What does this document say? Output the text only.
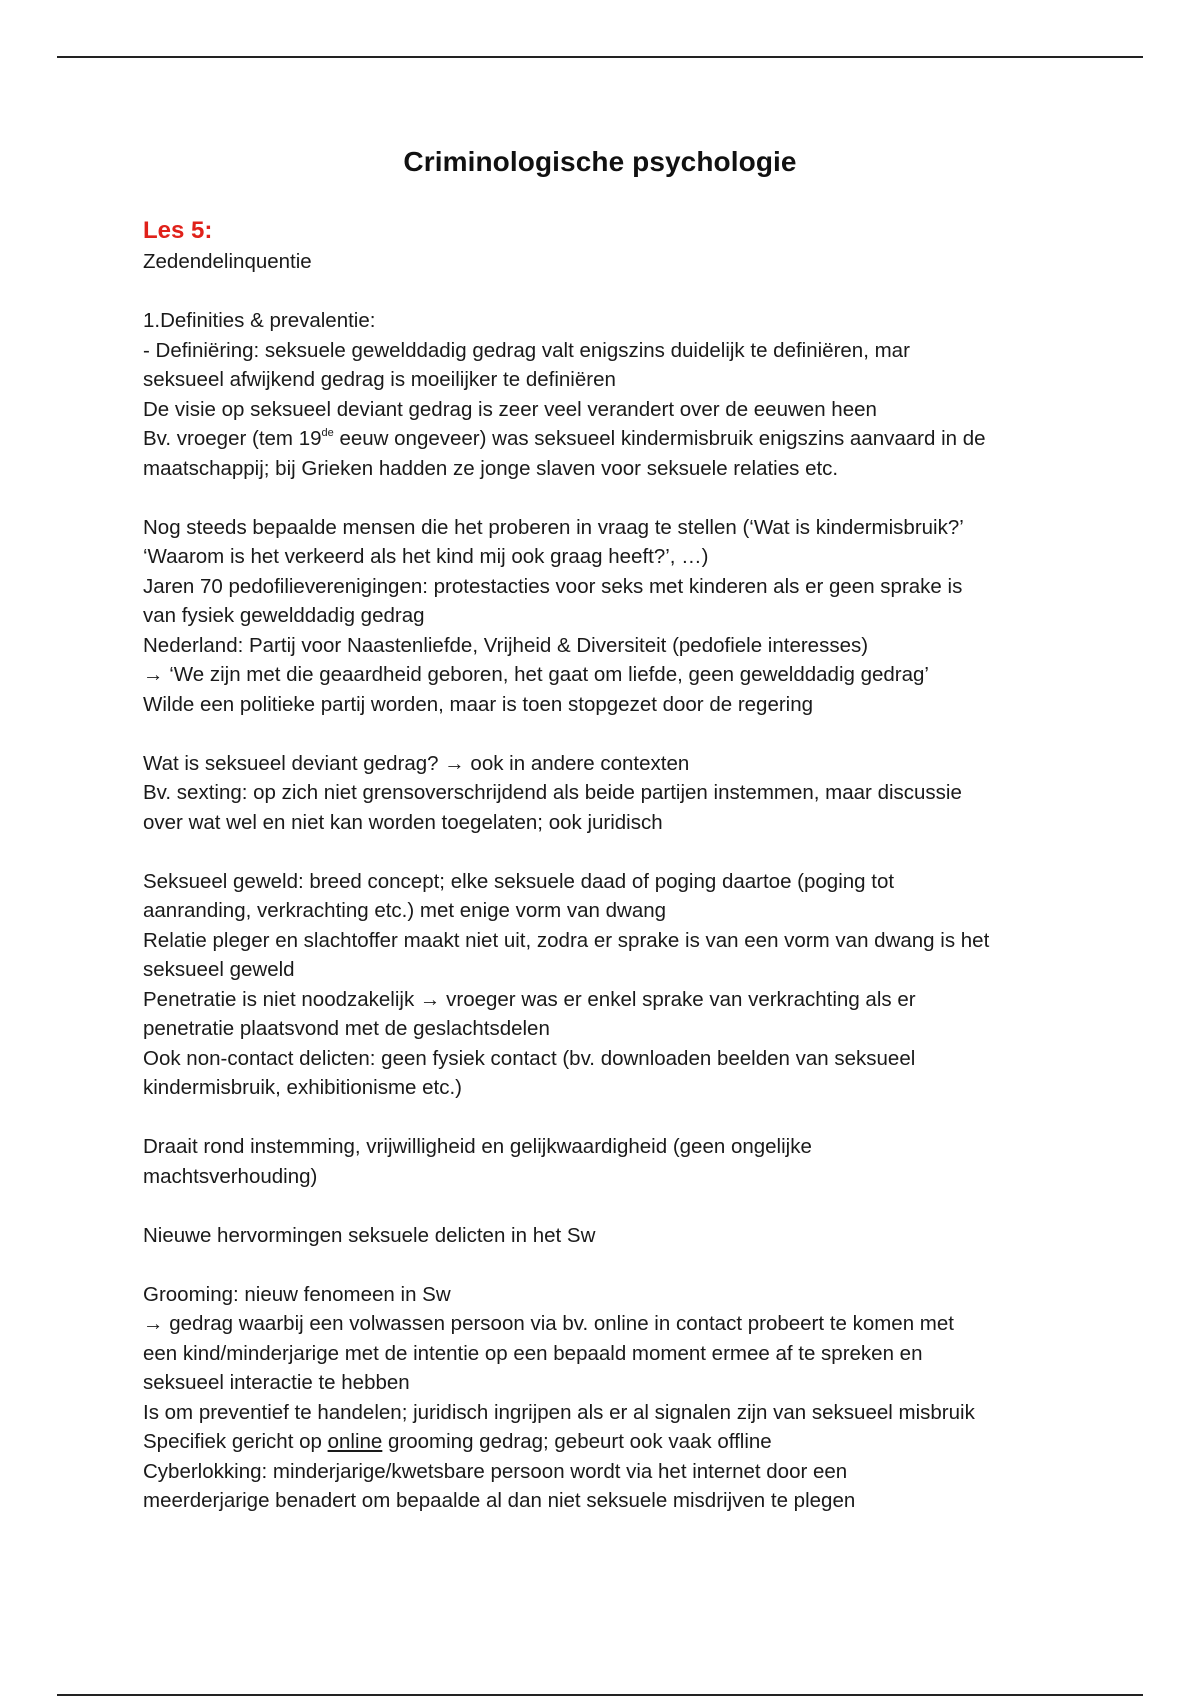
Criminologische psychologie
Les 5:
Zedendelinquentie
1.Definities & prevalentie:
- Definiëring: seksuele gewelddadig gedrag valt enigszins duidelijk te definiëren, mar
seksueel afwijkend gedrag is moeilijker te definiëren
De visie op seksueel deviant gedrag is zeer veel verandert over de eeuwen heen
Bv. vroeger (tem 19de eeuw ongeveer) was seksueel kindermisbruik enigszins aanvaard in de
maatschappij; bij Grieken hadden ze jonge slaven voor seksuele relaties etc.
Nog steeds bepaalde mensen die het proberen in vraag te stellen (‘Wat is kindermisbruik?’
‘Waarom is het verkeerd als het kind mij ook graag heeft?’, …)
Jaren 70 pedofilieverenigingen: protestacties voor seks met kinderen als er geen sprake is
van fysiek gewelddadig gedrag
Nederland: Partij voor Naastenliefde, Vrijheid & Diversiteit (pedofiele interesses)
→ ‘We zijn met die geaardheid geboren, het gaat om liefde, geen gewelddadig gedrag’
Wilde een politieke partij worden, maar is toen stopgezet door de regering
Wat is seksueel deviant gedrag? → ook in andere contexten
Bv. sexting: op zich niet grensoverschrijdend als beide partijen instemmen, maar discussie
over wat wel en niet kan worden toegelaten; ook juridisch
Seksueel geweld: breed concept; elke seksuele daad of poging daartoe (poging tot
aanranding, verkrachting etc.) met enige vorm van dwang
Relatie pleger en slachtoffer maakt niet uit, zodra er sprake is van een vorm van dwang is het
seksueel geweld
Penetratie is niet noodzakelijk → vroeger was er enkel sprake van verkrachting als er
penetratie plaatsvond met de geslachtsdelen
Ook non-contact delicten: geen fysiek contact (bv. downloaden beelden van seksueel
kindermisbruik, exhibitionisme etc.)
Draait rond instemming, vrijwilligheid en gelijkwaardigheid (geen ongelijke
machtsverhouding)
Nieuwe hervormingen seksuele delicten in het Sw
Grooming: nieuw fenomeen in Sw
→ gedrag waarbij een volwassen persoon via bv. online in contact probeert te komen met
een kind/minderjarige met de intentie op een bepaald moment ermee af te spreken en
seksueel interactie te hebben
Is om preventief te handelen; juridisch ingrijpen als er al signalen zijn van seksueel misbruik
Specifiek gericht op online grooming gedrag; gebeurt ook vaak offline
Cyberlokking: minderjarige/kwetsbare persoon wordt via het internet door een
meerderjarige benadert om bepaalde al dan niet seksuele misdrijven te plegen
